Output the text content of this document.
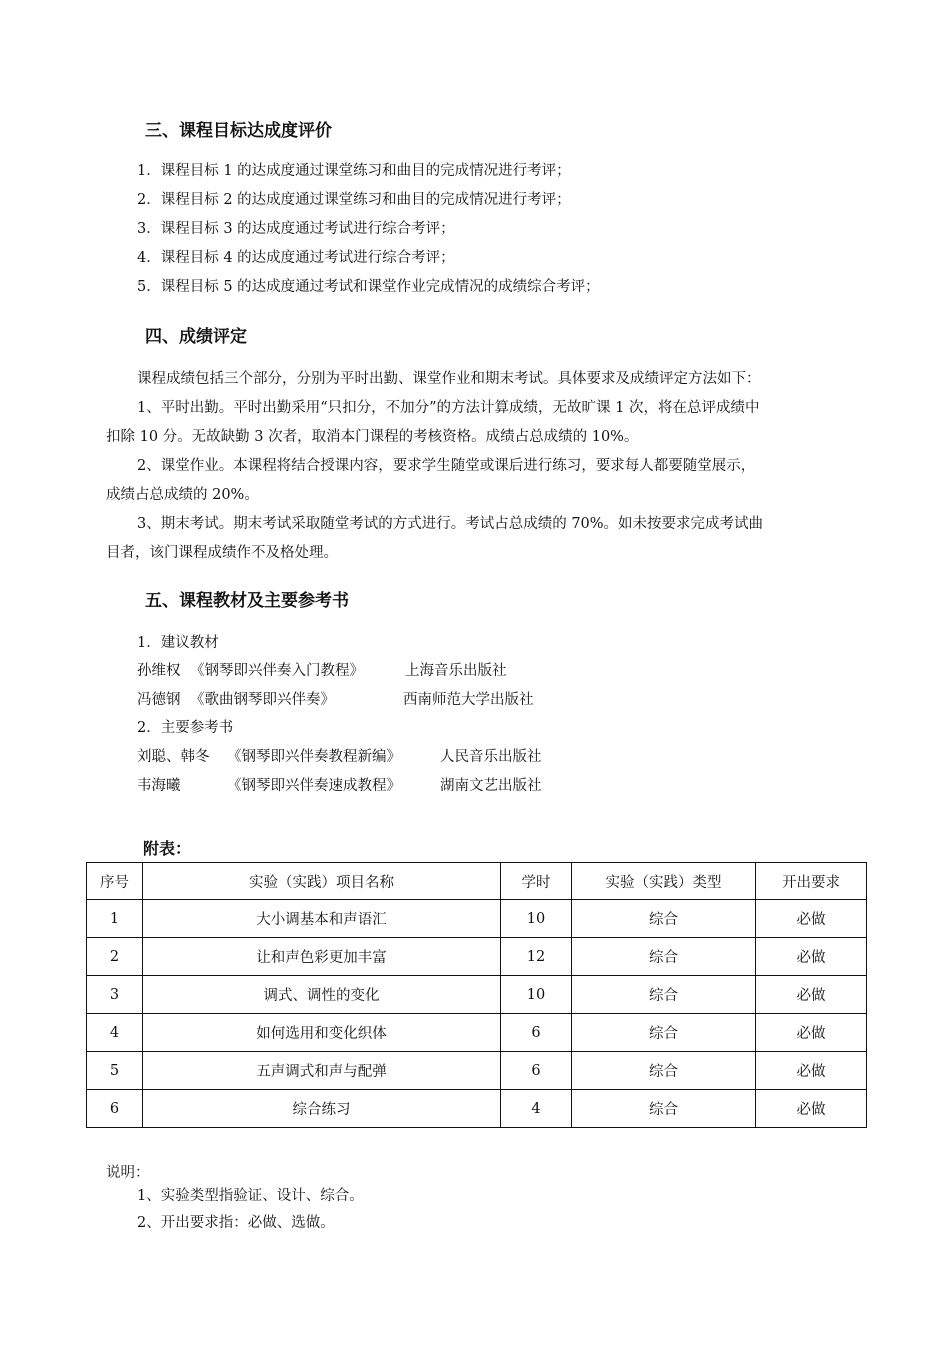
三、课程目标达成度评价
1．课程目标 1 的达成度通过课堂练习和曲目的完成情况进行考评；
2．课程目标 2 的达成度通过课堂练习和曲目的完成情况进行考评；
3．课程目标 3 的达成度通过考试进行综合考评；
4．课程目标 4 的达成度通过考试进行综合考评；
5．课程目标 5 的达成度通过考试和课堂作业完成情况的成绩综合考评；
四、成绩评定
课程成绩包括三个部分，分别为平时出勤、课堂作业和期末考试。具体要求及成绩评定方法如下：
1、平时出勤。平时出勤采用“只扣分，不加分”的方法计算成绩，无故旷课 1 次，将在总评成绩中
扣除 10 分。无故缺勤 3 次者，取消本门课程的考核资格。成绩占总成绩的 10%。
2、课堂作业。本课程将结合授课内容，要求学生随堂或课后进行练习，要求每人都要随堂展示，
成绩占总成绩的 20%。
3、期末考试。期末考试采取随堂考试的方式进行。考试占总成绩的 70%。如未按要求完成考试曲
目者，该门课程成绩作不及格处理。
五、课程教材及主要参考书
1．建议教材
孙维权 《钢琴即兴伴奏入门教程》	上海音乐出版社
冯德钢 《歌曲钢琴即兴伴奏》	西南师范大学出版社
2．主要参考书
刘聪、韩冬 《钢琴即兴伴奏教程新编》	人民音乐出版社
韦海曦	《钢琴即兴伴奏速成教程》	湖南文艺出版社
附表：
序号	实验（实践）项目名称	学时	实验（实践）类型	开出要求
1	大小调基本和声语汇	10	综合	必做
2	让和声色彩更加丰富	12	综合	必做
3	调式、调性的变化	10	综合	必做
4	如何选用和变化织体	6	综合	必做
5	五声调式和声与配弹	6	综合	必做
6	综合练习	4	综合	必做
说明：
1、实验类型指验证、设计、综合。
2、开出要求指：必做、选做。
